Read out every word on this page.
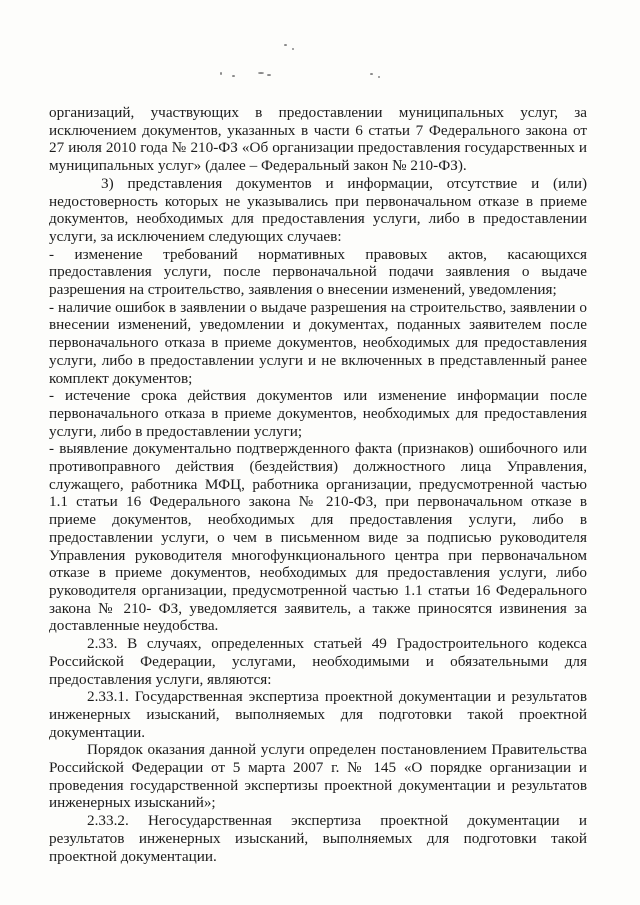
организаций, участвующих в предоставлении муниципальных услуг, за исключением документов, указанных в части 6 статьи 7 Федерального закона от 27 июля 2010 года № 210-ФЗ «Об организации предоставления государственных и муниципальных услуг» (далее – Федеральный закон № 210-ФЗ).

3) представления документов и информации, отсутствие и (или) недостоверность которых не указывались при первоначальном отказе в приеме документов, необходимых для предоставления услуги, либо в предоставлении услуги, за исключением следующих случаев:

- изменение требований нормативных правовых актов, касающихся предоставления услуги, после первоначальной подачи заявления о выдаче разрешения на строительство, заявления о внесении изменений, уведомления;

- наличие ошибок в заявлении о выдаче разрешения на строительство, заявлении о внесении изменений, уведомлении и документах, поданных заявителем после первоначального отказа в приеме документов, необходимых для предоставления услуги, либо в предоставлении услуги и не включенных в представленный ранее комплект документов;

- истечение срока действия документов или изменение информации после первоначального отказа в приеме документов, необходимых для предоставления услуги, либо в предоставлении услуги;

- выявление документально подтвержденного факта (признаков) ошибочного или противоправного действия (бездействия) должностного лица Управления, служащего, работника МФЦ, работника организации, предусмотренной частью 1.1 статьи 16 Федерального закона № 210-ФЗ, при первоначальном отказе в приеме документов, необходимых для предоставления услуги, либо в предоставлении услуги, о чем в письменном виде за подписью руководителя Управления руководителя многофункционального центра при первоначальном отказе в приеме документов, необходимых для предоставления услуги, либо руководителя организации, предусмотренной частью 1.1 статьи 16 Федерального закона № 210- ФЗ, уведомляется заявитель, а также приносятся извинения за доставленные неудобства.

2.33. В случаях, определенных статьей 49 Градостроительного кодекса Российской Федерации, услугами, необходимыми и обязательными для предоставления услуги, являются:

2.33.1. Государственная экспертиза проектной документации и результатов инженерных изысканий, выполняемых для подготовки такой проектной документации.

Порядок оказания данной услуги определен постановлением Правительства Российской Федерации от 5 марта 2007 г. № 145 «О порядке организации и проведения государственной экспертизы проектной документации и результатов инженерных изысканий»;

2.33.2. Негосударственная экспертиза проектной документации и результатов инженерных изысканий, выполняемых для подготовки такой проектной документации.
